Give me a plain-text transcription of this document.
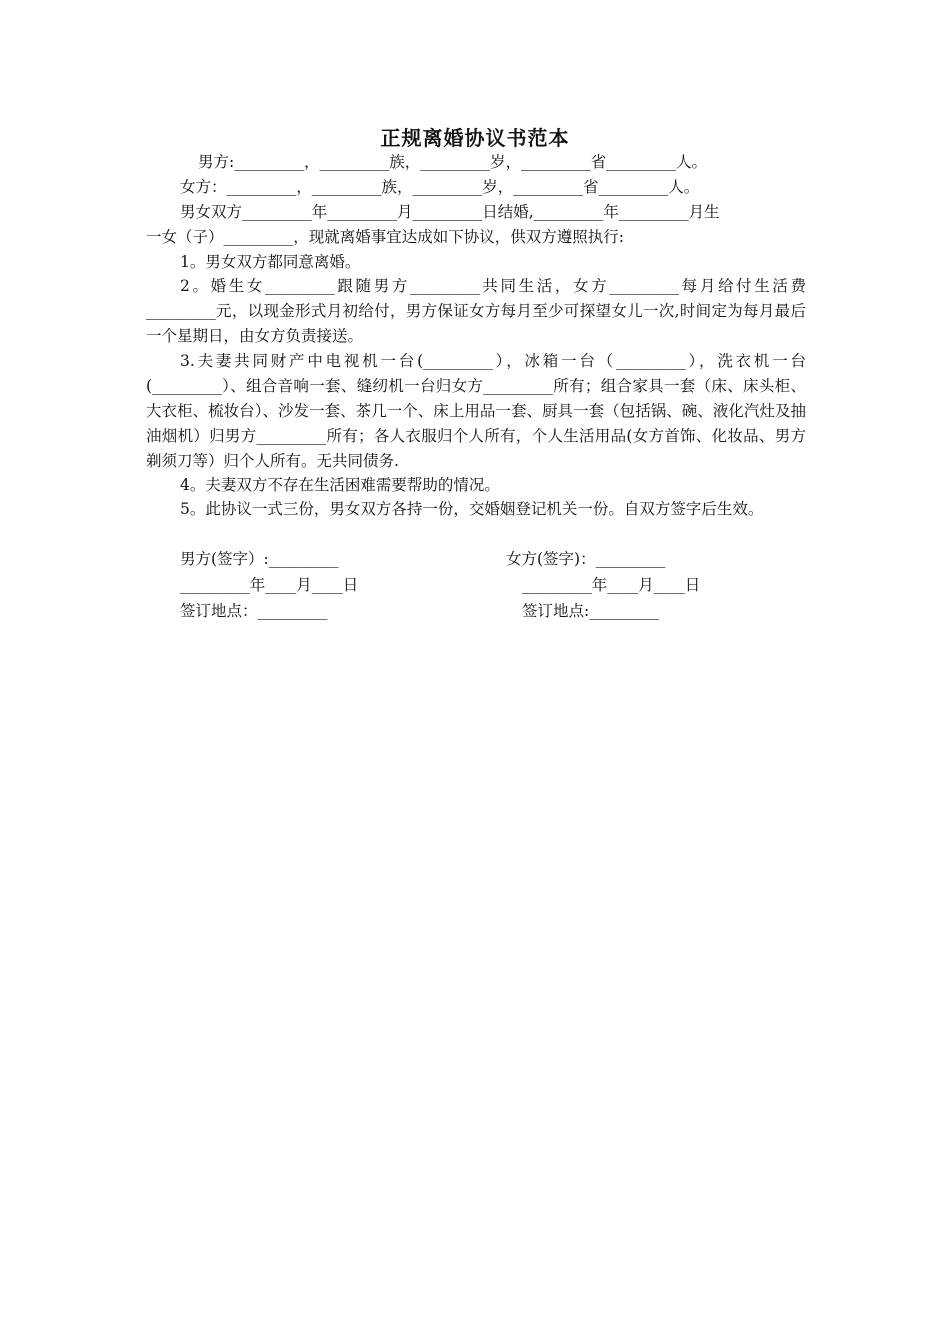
正规离婚协议书范本
男方:_________，_________族，_________岁，_________省_________人。
女方：_________，_________族，_________岁，_________省_________人。
男女双方_________年_________月_________日结婚,_________年_________月生
一女（子）_________，现就离婚事宜达成如下协议，供双方遵照执行:
1。男女双方都同意离婚。
2。婚生女_________跟随男方_________共同生活，女方_________每月给付生活费_________元，以现金形式月初给付，男方保证女方每月至少可探望女儿一次,时间定为每月最后一个星期日，由女方负责接送。
3.夫妻共同财产中电视机一台(_________），冰箱一台（_________），洗衣机一台(_________）、组合音响一套、缝纫机一台归女方_________所有；组合家具一套（床、床头柜、大衣柜、梳妆台）、沙发一套、茶几一个、床上用品一套、厨具一套（包括锅、碗、液化汽灶及抽油烟机）归男方_________所有；各人衣服归个人所有，个人生活用品(女方首饰、化妆品、男方剃须刀等）归个人所有。无共同债务.
4。夫妻双方不存在生活困难需要帮助的情况。
5。此协议一式三份，男女双方各持一份，交婚姻登记机关一份。自双方签字后生效。
男方(签字）:_________	女方(签字)：_________
_________年____月____日	_________年____月____日
签订地点：_________	签订地点:_________
